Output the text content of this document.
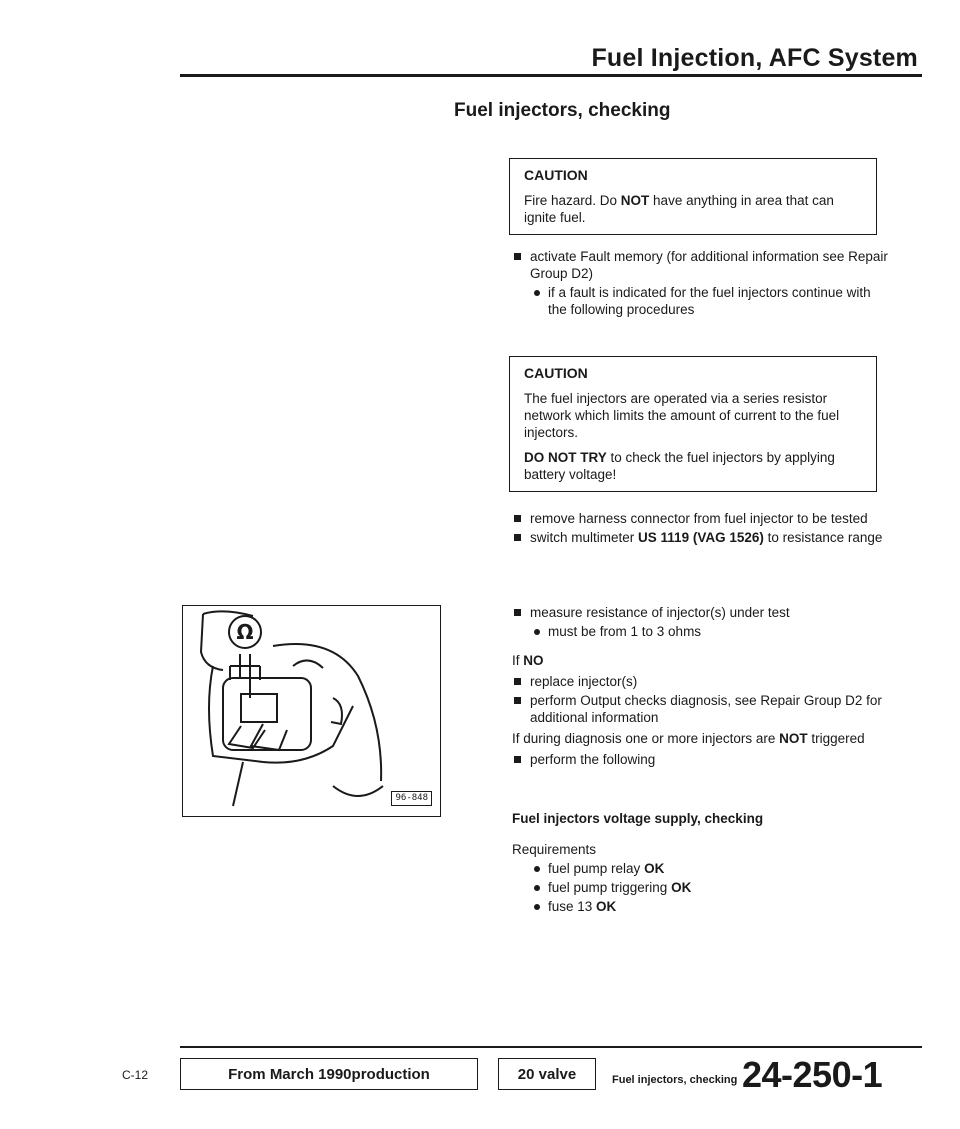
Fuel Injection, AFC System
Fuel injectors, checking
CAUTION

Fire hazard. Do NOT have anything in area that can ignite fuel.

activate Fault memory (for additional information see Repair Group D2)
if a fault is indicated for the fuel injectors continue with the following procedures
CAUTION

The fuel injectors are operated via a series resistor network which limits the amount of current to the fuel injectors.

DO NOT TRY to check the fuel injectors by applying battery voltage!

remove harness connector from fuel injector to be tested
switch multimeter US 1119 (VAG 1526) to resistance range
measure resistance of injector(s) under test
must be from 1 to 3 ohms
If NO
replace injector(s)
perform Output checks diagnosis, see Repair Group D2 for additional information
If during diagnosis one or more injectors are NOT triggered
perform the following
Fuel injectors voltage supply, checking
Requirements
fuel pump relay OK
fuel pump triggering OK
fuse 13 OK
Ω
96-848
C-12	From
March 1990 production	20 valve	Fuel injectors, checking 24-250-1
